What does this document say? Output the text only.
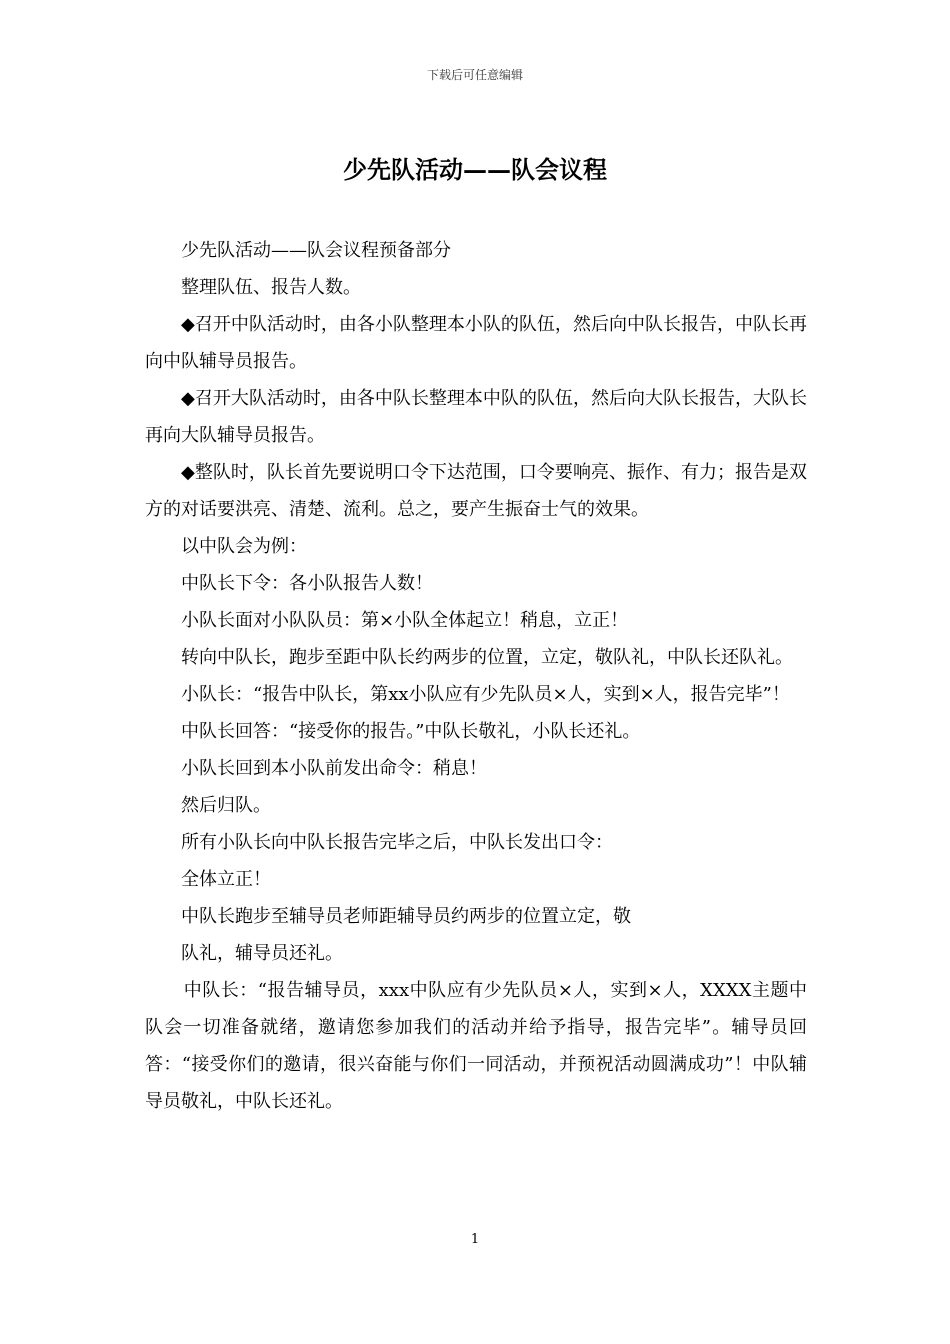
下载后可任意编辑
少先队活动——队会议程

少先队活动——队会议程预备部分

整理队伍、报告人数。

◆召开中队活动时，由各小队整理本小队的队伍，然后向中队长报告，中队长再向中队辅导员报告。

◆召开大队活动时，由各中队长整理本中队的队伍，然后向大队长报告，大队长再向大队辅导员报告。

◆整队时，队长首先要说明口令下达范围，口令要响亮、振作、有力；报告是双方的对话要洪亮、清楚、流利。总之，要产生振奋士气的效果。

以中队会为例：

中队长下令：各小队报告人数！

小队长面对小队队员：第×小队全体起立！稍息，立正！

转向中队长，跑步至距中队长约两步的位置，立定，敬队礼，中队长还队礼。

小队长：“报告中队长，第xx小队应有少先队员×人，实到×人，报告完毕”！

中队长回答：“接受你的报告。”中队长敬礼，小队长还礼。

小队长回到本小队前发出命令：稍息！

然后归队。

所有小队长向中队长报告完毕之后，中队长发出口令：

全体立正！

中队长跑步至辅导员老师距辅导员约两步的位置立定，敬

队礼，辅导员还礼。

中队长：“报告辅导员，xxx中队应有少先队员×人，实到×人，XXXX主题中队会一切准备就绪，邀请您参加我们的活动并给予指导，报告完毕”。辅导员回答：“接受你们的邀请，很兴奋能与你们一同活动，并预祝活动圆满成功”！中队辅导员敬礼，中队长还礼。

1
